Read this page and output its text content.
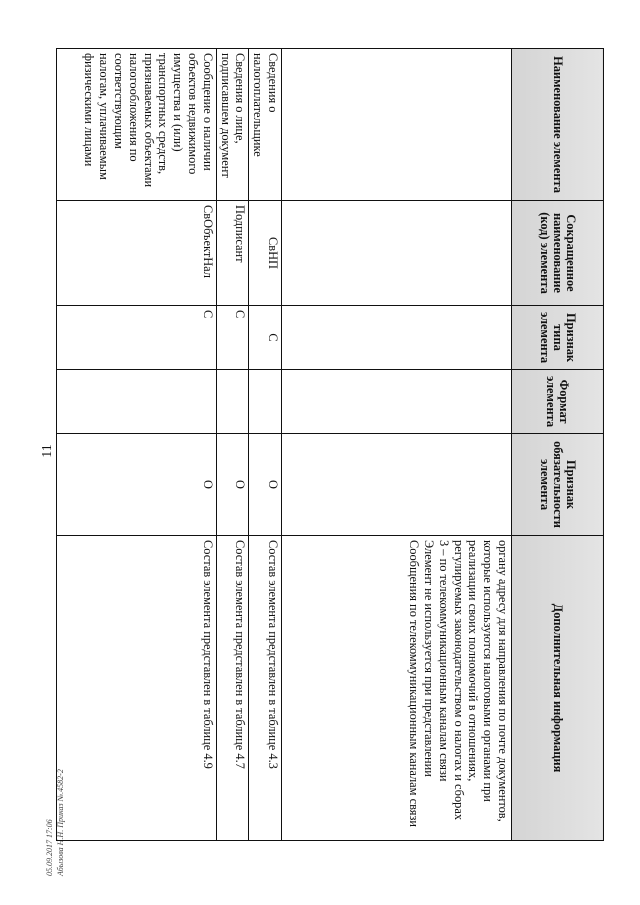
11
05.09.2017 17:06 Абызова Н.Н. Приказ №.4582-2
Наименование элемента	Сокращенное наименование (код) элемента	Признак типа элемента	Формат элемента	Признак обязательности элемента	Дополнительная информация

					органу адресу для направления по почте документов, которые используются налоговыми органами при реализации своих полномочий в отношениях, регулируемых законодательством о налогах и сборах
3 – по телекоммуникационным каналам связи
Элемент не используется при представлении Сообщения по телекоммуникационным каналам связи

Сведения о налогоплательщике	СвНП	С		О	Состав элемента представлен в таблице 4.3
Сведения о лице, подписавшем документ	Подписант	С		О	Состав элемента представлен в таблице 4.7
Сообщение о наличии объектов недвижимого имущества и (или) транспортных средств, признаваемых объектами налогообложения по соответствующим налогам, уплачиваемым физическими лицами	СвОбъектНал	С		О	Состав элемента представлен в таблице 4.9
